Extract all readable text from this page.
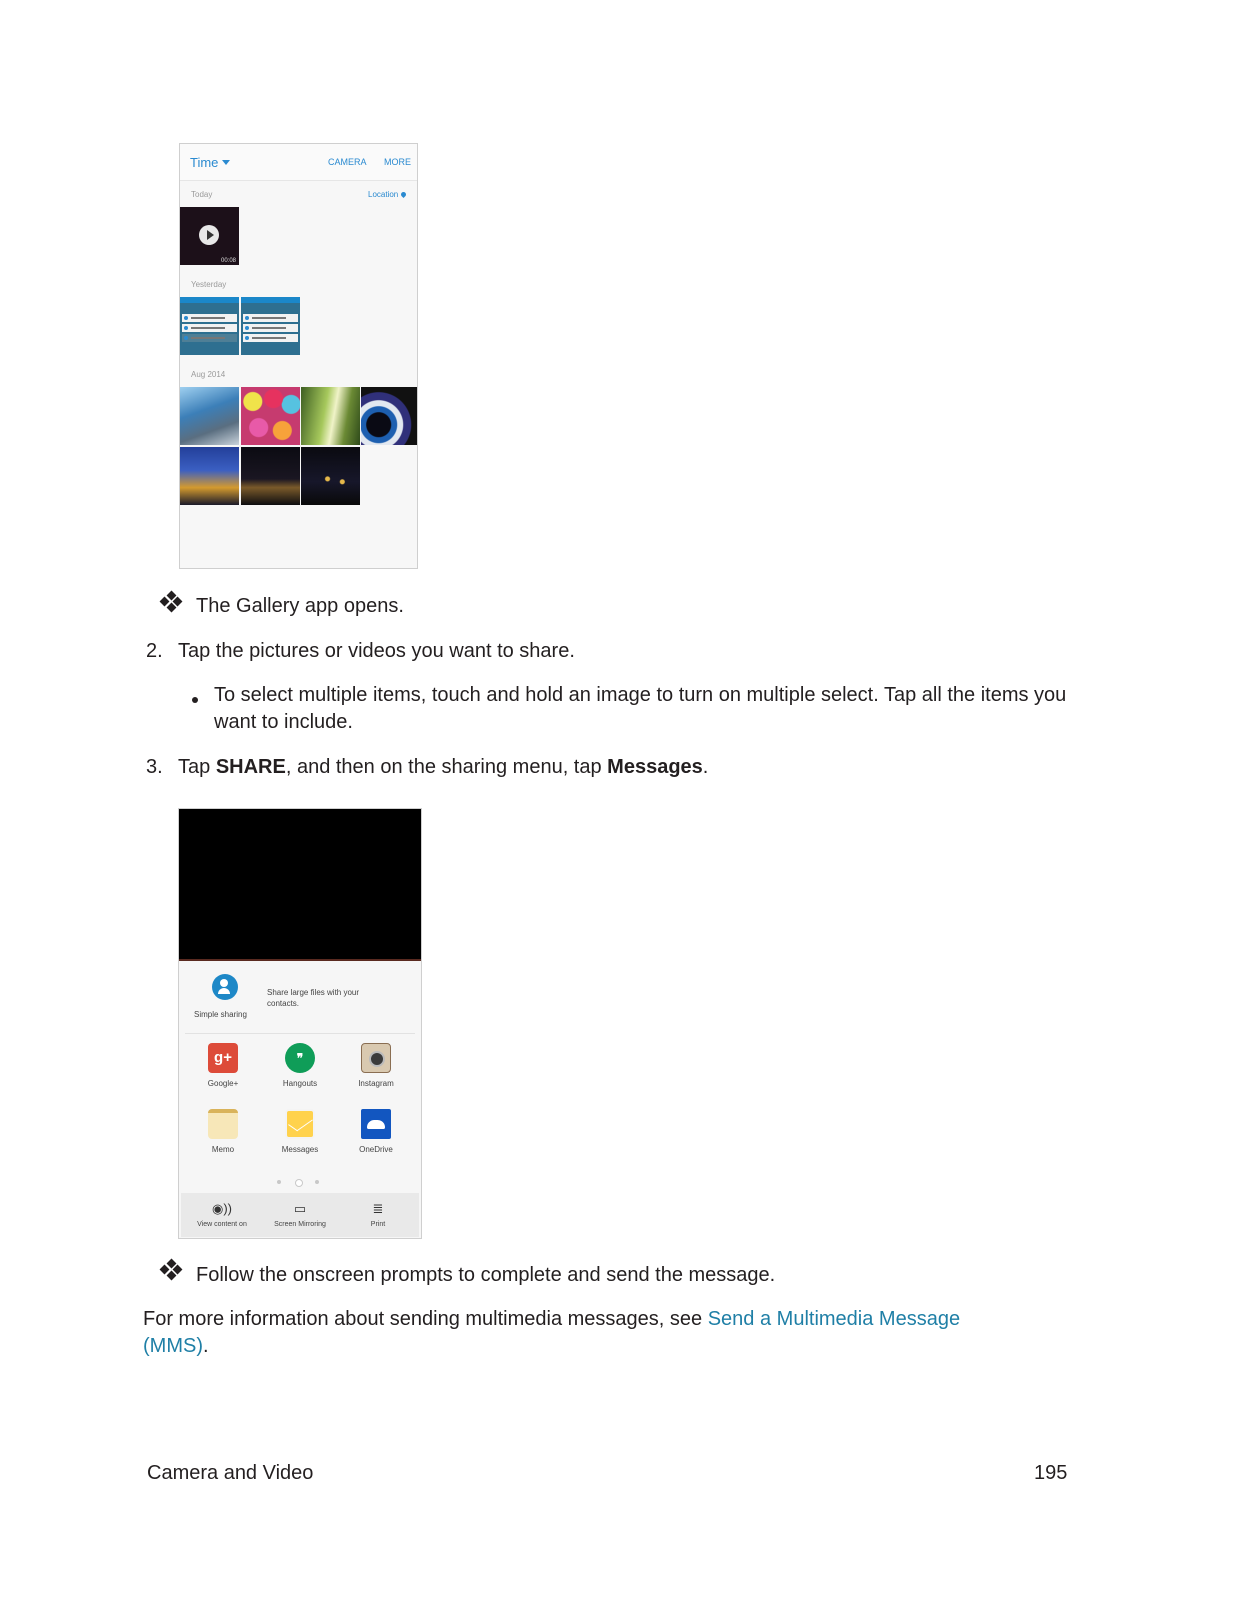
Time	CAMERA MORE
Today	Location
00:08
Yesterday
Aug 2014
The Gallery app opens.
2. Tap the pictures or videos you want to share.
To select multiple items, touch and hold an image to turn on multiple select. Tap all the items you want to include.
3. Tap SHARE, and then on the sharing menu, tap Messages.
Simple sharing
Share large files with your contacts.
g+
Google+
❞
Hangouts	Instagram
Memo	Messages	OneDrive
◉))
View content on
▭
Screen Mirroring
≣
Print
Follow the onscreen prompts to complete and send the message.
For more information about sending multimedia messages, see Send a Multimedia Message (MMS).
Camera and Video	195
